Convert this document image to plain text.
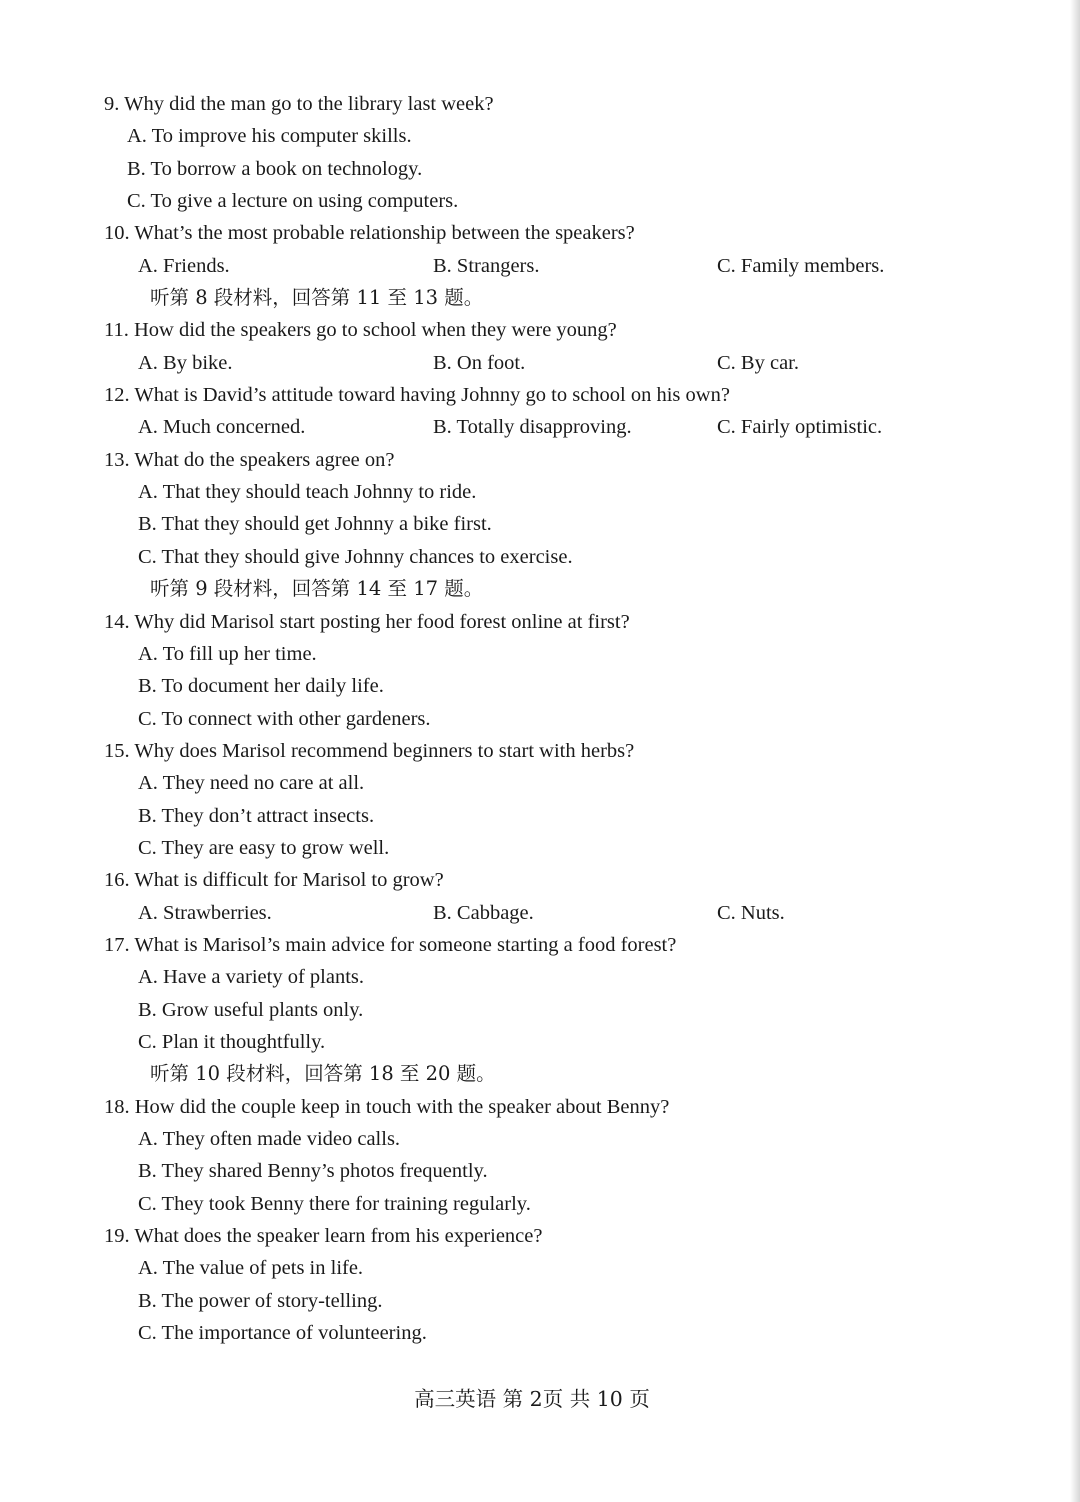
9. Why did the man go to the library last week?
A. To improve his computer skills.
B. To borrow a book on technology.
C. To give a lecture on using computers.
10. What’s the most probable relationship between the speakers?
A. Friends.	B. Strangers.	C. Family members.
听第 8 段材料，回答第 11 至 13 题。
11. How did the speakers go to school when they were young?
A. By bike.	B. On foot.	C. By car.
12. What is David’s attitude toward having Johnny go to school on his own?
A. Much concerned.	B. Totally disapproving.	C. Fairly optimistic.
13. What do the speakers agree on?
A. That they should teach Johnny to ride.
B. That they should get Johnny a bike first.
C. That they should give Johnny chances to exercise.
听第 9 段材料，回答第 14 至 17 题。
14. Why did Marisol start posting her food forest online at first?
A. To fill up her time.
B. To document her daily life.
C. To connect with other gardeners.
15. Why does Marisol recommend beginners to start with herbs?
A. They need no care at all.
B. They don’t attract insects.
C. They are easy to grow well.
16. What is difficult for Marisol to grow?
A. Strawberries.	B. Cabbage.	C. Nuts.
17. What is Marisol’s main advice for someone starting a food forest?
A. Have a variety of plants.
B. Grow useful plants only.
C. Plan it thoughtfully.
听第 10 段材料，回答第 18 至 20 题。
18. How did the couple keep in touch with the speaker about Benny?
A. They often made video calls.
B. They shared Benny’s photos frequently.
C. They took Benny there for training regularly.
19. What does the speaker learn from his experience?
A. The value of pets in life.
B. The power of story-telling.
C. The importance of volunteering.
高三英语 第 2页 共 10 页
